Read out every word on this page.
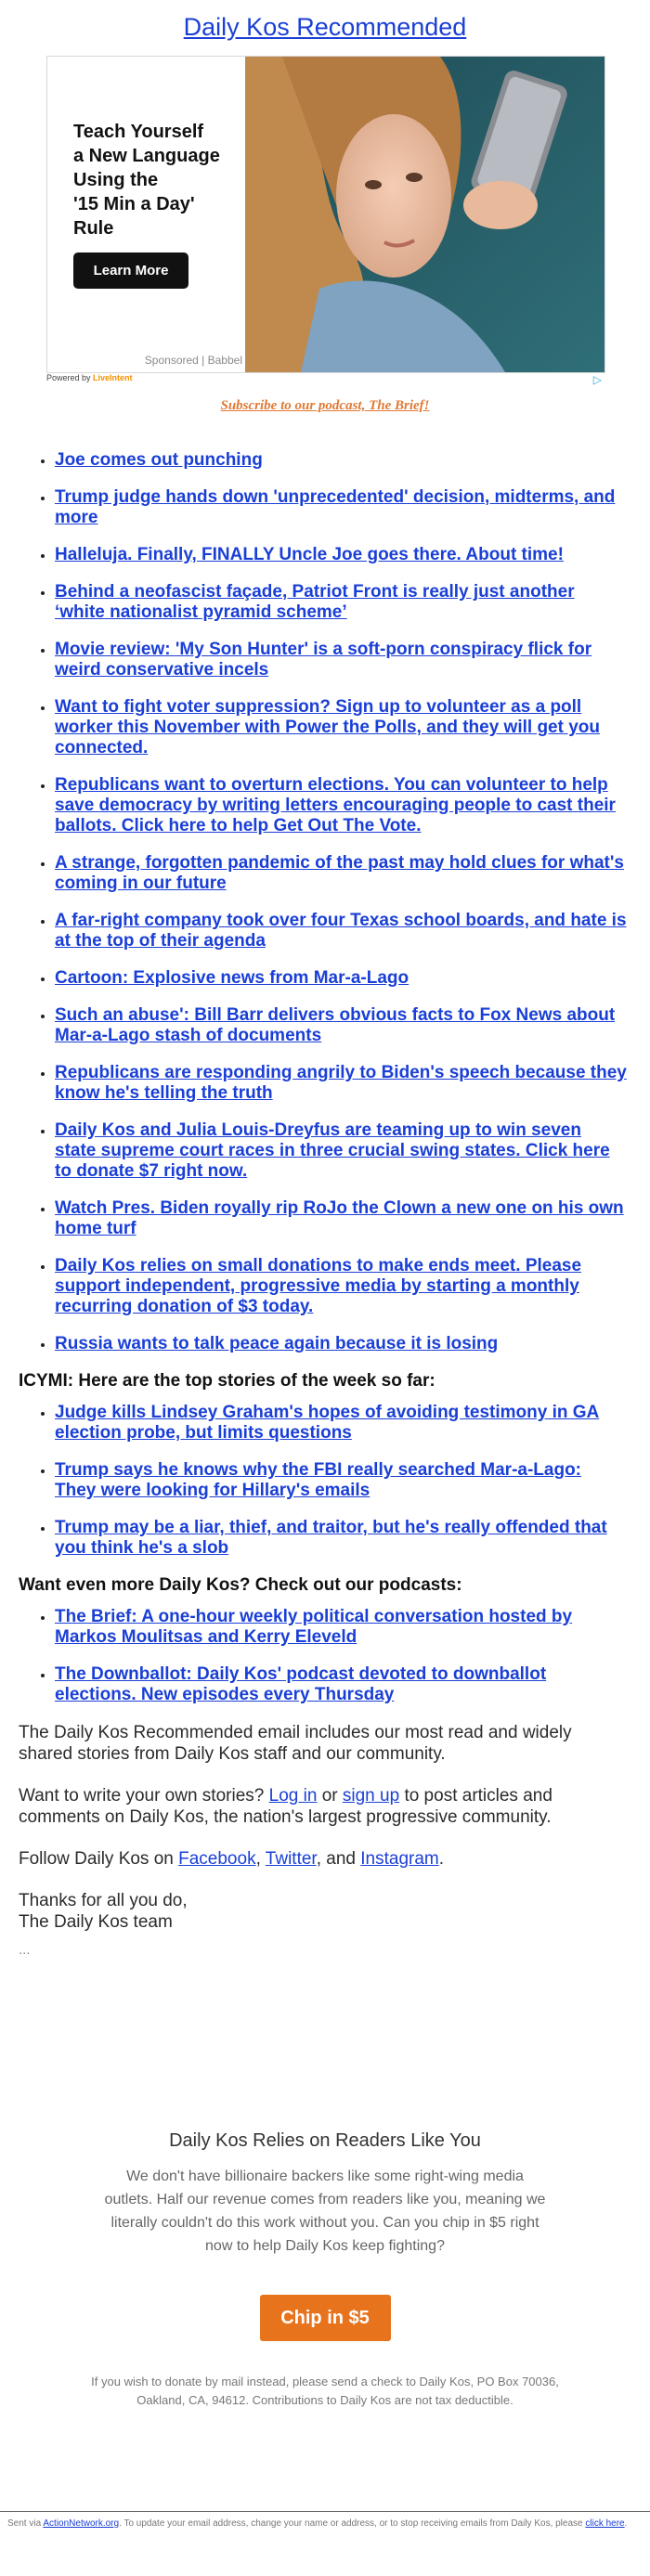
Daily Kos Recommended
Teach Yourself
a New Language
Using the
'15 Min a Day'
Rule
Learn More
Sponsored | Babbel
Powered by LiveIntent	▷
Subscribe to our podcast, The Brief!
• Joe comes out punching
• Trump judge hands down 'unprecedented' decision, midterms, and more
• Halleluja. Finally, FINALLY Uncle Joe goes there. About time!
• Behind a neofascist façade, Patriot Front is really just another ‘white nationalist pyramid scheme’
• Movie review: 'My Son Hunter' is a soft-porn conspiracy flick for weird conservative incels
• Want to fight voter suppression? Sign up to volunteer as a poll worker this November with Power the Polls, and they will get you connected.
• Republicans want to overturn elections. You can volunteer to help save democracy by writing letters encouraging people to cast their ballots. Click here to help Get Out The Vote.
• A strange, forgotten pandemic of the past may hold clues for what's coming in our future
• A far-right company took over four Texas school boards, and hate is at the top of their agenda
• Cartoon: Explosive news from Mar-a-Lago
• Such an abuse': Bill Barr delivers obvious facts to Fox News about Mar-a-Lago stash of documents
• Republicans are responding angrily to Biden's speech because they know he's telling the truth
• Daily Kos and Julia Louis-Dreyfus are teaming up to win seven state supreme court races in three crucial swing states. Click here to donate $7 right now.
• Watch Pres. Biden royally rip RoJo the Clown a new one on his own home turf
• Daily Kos relies on small donations to make ends meet. Please support independent, progressive media by starting a monthly recurring donation of $3 today.
• Russia wants to talk peace again because it is losing
ICYMI: Here are the top stories of the week so far:
• Judge kills Lindsey Graham's hopes of avoiding testimony in GA election probe, but limits questions
• Trump says he knows why the FBI really searched Mar-a-Lago: They were looking for Hillary's emails
• Trump may be a liar, thief, and traitor, but he's really offended that you think he's a slob
Want even more Daily Kos? Check out our podcasts:
• The Brief: A one-hour weekly political conversation hosted by Markos Moulitsas and Kerry Eleveld
• The Downballot: Daily Kos' podcast devoted to downballot elections. New episodes every Thursday

The Daily Kos Recommended email includes our most read and widely shared stories from Daily Kos staff and our community.

Want to write your own stories? Log in or sign up to post articles and comments on Daily Kos, the nation's largest progressive community.

Follow Daily Kos on Facebook, Twitter, and Instagram.

Thanks for all you do,
The Daily Kos team

...
Daily Kos Relies on Readers Like You
We don't have billionaire backers like some right-wing media outlets. Half our revenue comes from readers like you, meaning we literally couldn't do this work without you. Can you chip in $5 right now to help Daily Kos keep fighting?
Chip in $5
If you wish to donate by mail instead, please send a check to Daily Kos, PO Box 70036, Oakland, CA, 94612. Contributions to Daily Kos are not tax deductible.
Sent via ActionNetwork.org. To update your email address, change your name or address, or to stop receiving emails from Daily Kos, please click here.
